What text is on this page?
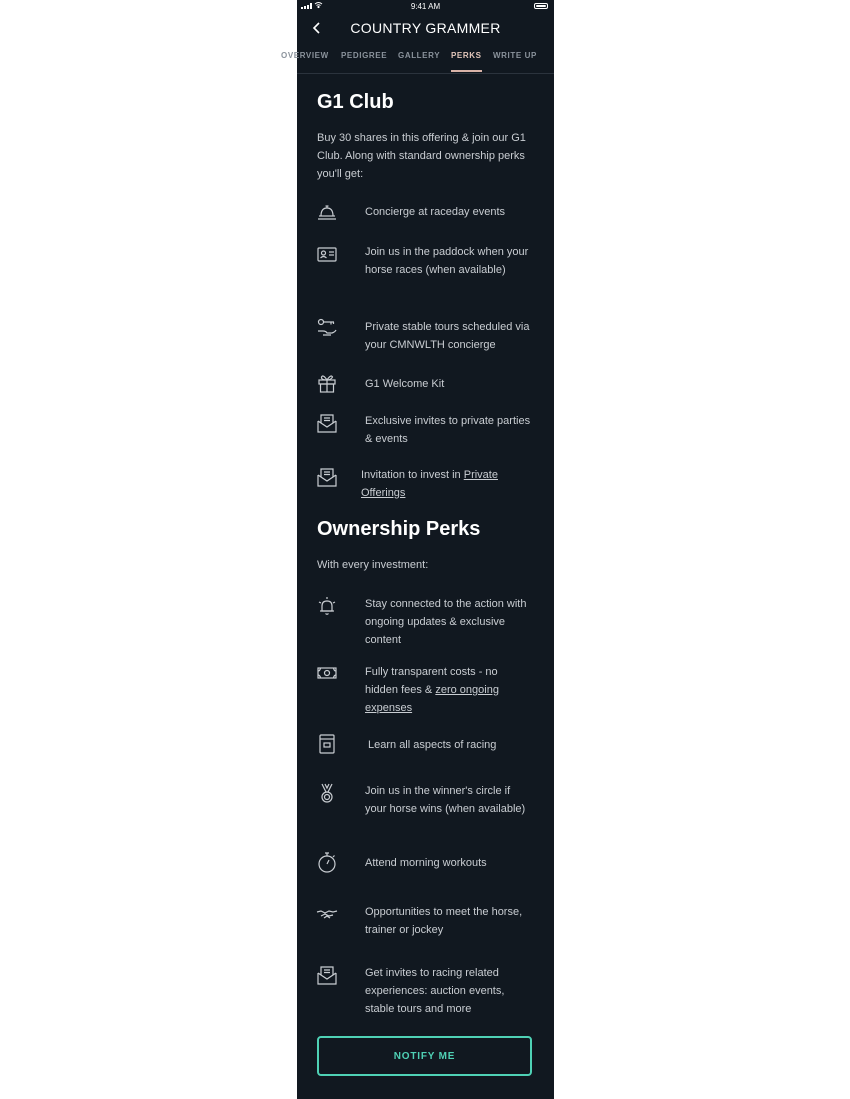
9:41 AM
COUNTRY GRAMMER
OVERVIEW PEDIGREE GALLERY PERKS WRITE UP
G1 Club
Buy 30 shares in this offering & join our G1 Club. Along with standard ownership perks you'll get:
Concierge at raceday events
Join us in the paddock when your horse races (when available)
Private stable tours scheduled via your CMNWLTH concierge
G1 Welcome Kit
Exclusive invites to private parties & events
Invitation to invest in Private Offerings
Ownership Perks
With every investment:
Stay connected to the action with ongoing updates & exclusive content
Fully transparent costs - no hidden fees & zero ongoing expenses
Learn all aspects of racing
Join us in the winner's circle if your horse wins (when available)
Attend morning workouts
Opportunities to meet the horse, trainer or jockey
Get invites to racing related experiences: auction events, stable tours and more
NOTIFY ME
